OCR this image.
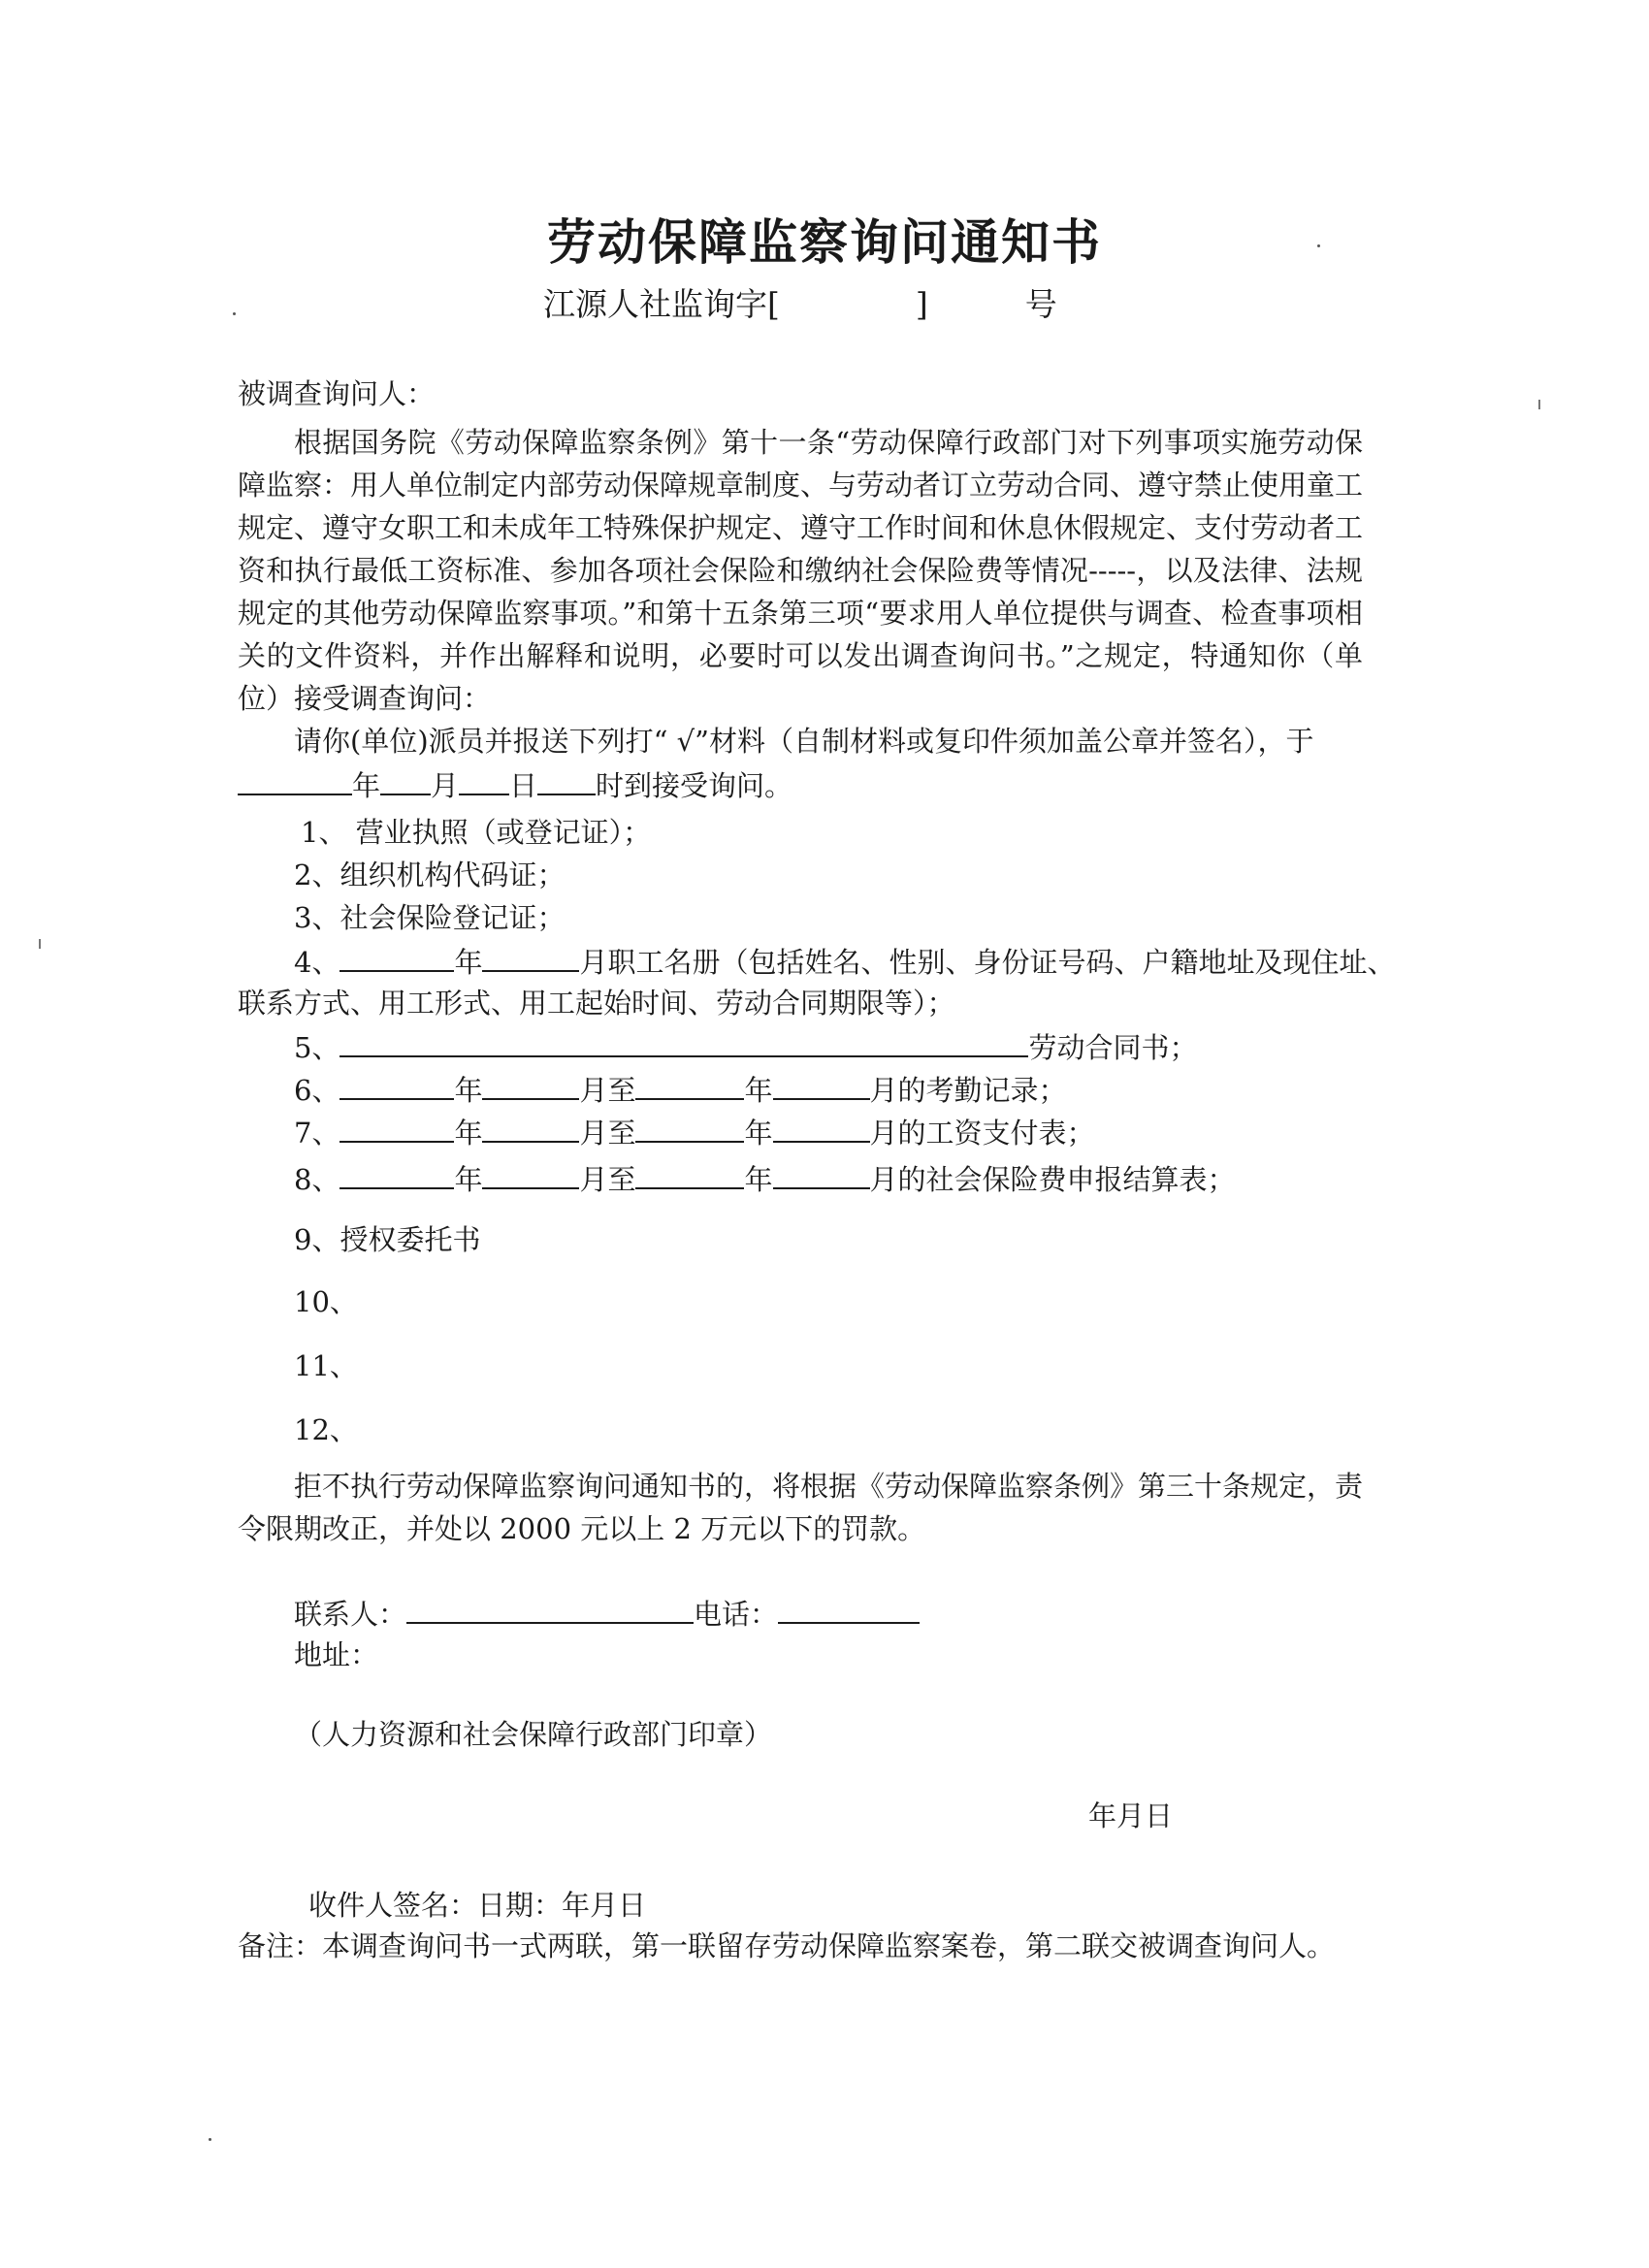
劳动保障监察询问通知书
江源人社监询字[	]	号
被调查询问人：
根据国务院《劳动保障监察条例》第十一条“劳动保障行政部门对下列事项实施劳动保障监察：用人单位制定内部劳动保障规章制度、与劳动者订立劳动合同、遵守禁止使用童工规定、遵守女职工和未成年工特殊保护规定、遵守工作时间和休息休假规定、支付劳动者工资和执行最低工资标准、参加各项社会保险和缴纳社会保险费等情况-----，以及法律、法规规定的其他劳动保障监察事项。”和第十五条第三项“要求用人单位提供与调查、检查事项相关的文件资料，并作出解释和说明，必要时可以发出调查询问书。”之规定，特通知你（单位）接受调查询问：
请你(单位)派员并报送下列打“ √”材料（自制材料或复印件须加盖公章并签名），于
年 月 日 时到接受询问。
1、 营业执照（或登记证）；
2、组织机构代码证；
3、社会保险登记证；
4、	年	月职工名册（包括姓名、性别、身份证号码、户籍地址及现住址、
联系方式、用工形式、用工起始时间、劳动合同期限等）；
5、	劳动合同书；
6、	年	月至	年	月的考勤记录；
7、	年	月至	年	月的工资支付表；
8、	年	月至	年	月的社会保险费申报结算表；
9、授权委托书
10、
11、
12、
拒不执行劳动保障监察询问通知书的，将根据《劳动保障监察条例》第三十条规定，责令限期改正，并处以 2000 元以上 2 万元以下的罚款。
联系人：	电话：
地址：
（人力资源和社会保障行政部门印章）
年月日
收件人签名：日期：年月日
备注：本调查询问书一式两联，第一联留存劳动保障监察案卷，第二联交被调查询问人。
